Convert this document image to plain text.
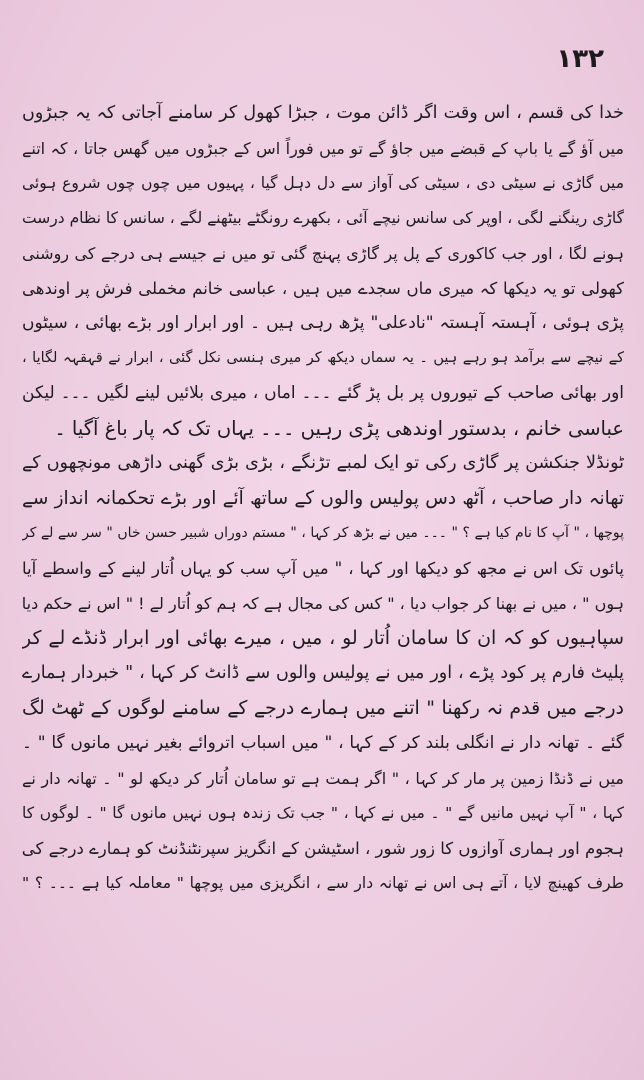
١٣٢
خدا کی قسم ، اس وقت اگر ڈائن موت ، جبڑا کھول کر سامنے آجاتی کہ یہ جبڑوں
میں آؤ گے یا باپ کے قبضے میں جاؤ گے تو میں فوراً اس کے جبڑوں میں گھس جاتا ، کہ اتنے
میں گاڑی نے سیٹی دی ، سیٹی کی آواز سے دل دہل گیا ، پہیوں میں چوں چوں شروع ہوئی
گاڑی رینگنے لگی ، اوپر کی سانس نیچے آئی ، بکھرے رونگٹے بیٹھنے لگے ، سانس کا نظام درست
ہونے لگا ، اور جب کاکوری کے پل پر گاڑی پہنچ گئی تو میں نے جیسے ہی درجے کی روشنی
کھولی تو یہ دیکھا کہ میری ماں سجدے میں ہیں ، عباسی خانم مخملی فرش پر اوندھی
پڑی ہوئی ، آہستہ آہستہ "نادعلی" پڑھ رہی ہیں ۔ اور ابرار اور بڑے بھائی ، سیٹوں
کے نیچے سے برآمد ہو رہے ہیں ۔ یہ سماں دیکھ کر میری ہنسی نکل گئی ، ابرار نے قہقہہ لگایا ،
اور بھائی صاحب کے تیوروں پر بل پڑ گئے ۔۔۔ اماں ، میری بلائیں لینے لگیں ۔۔۔ لیکن
عباسی خانم ، بدستور اوندھی پڑی رہیں ۔۔۔ یہاں تک کہ پار باغ آگیا ۔
ٹونڈلا جنکشن پر گاڑی رکی تو ایک لمبے تڑنگے ، بڑی بڑی گھنی داڑھی مونچھوں کے
تھانہ دار صاحب ، آٹھ دس پولیس والوں کے ساتھ آئے اور بڑے تحکمانہ انداز سے
پوچھا ، " آپ کا نام کیا ہے ؟ " ۔۔۔ میں نے بڑھ کر کہا ، " مستم دوراں شبیر حسن خاں " سر سے لے کر
پائوں تک اس نے مجھ کو دیکھا اور کہا ، " میں آپ سب کو یہاں اُتار لینے کے واسطے آیا
ہوں " ، میں نے بھنا کر جواب دیا ، " کس کی مجال ہے کہ ہم کو اُتار لے ! " اس نے حکم دیا
سپاہیوں کو کہ ان کا سامان اُتار لو ، میں ، میرے بھائی اور ابرار ڈنڈے لے کر
پلیٹ فارم پر کود پڑے ، اور میں نے پولیس والوں سے ڈانٹ کر کہا ، " خبردار ہمارے
درجے میں قدم نہ رکھنا " اتنے میں ہمارے درجے کے سامنے لوگوں کے ٹھٹ لگ
گئے ۔ تھانہ دار نے انگلی بلند کر کے کہا ، " میں اسباب اتروائے بغیر نہیں مانوں گا " ۔
میں نے ڈنڈا زمین پر مار کر کہا ، " اگر ہمت ہے تو سامان اُتار کر دیکھ لو " ۔ تھانہ دار نے
کہا ، " آپ نہیں مانیں گے " ۔ میں نے کہا ، " جب تک زندہ ہوں نہیں مانوں گا " ۔ لوگوں کا
ہجوم اور ہماری آوازوں کا زور شور ، اسٹیشن کے انگریز سپرنٹنڈنٹ کو ہمارے درجے کی
طرف کھینچ لایا ، آتے ہی اس نے تھانہ دار سے ، انگریزی میں پوچھا " معاملہ کیا ہے ۔۔۔ ؟ "
